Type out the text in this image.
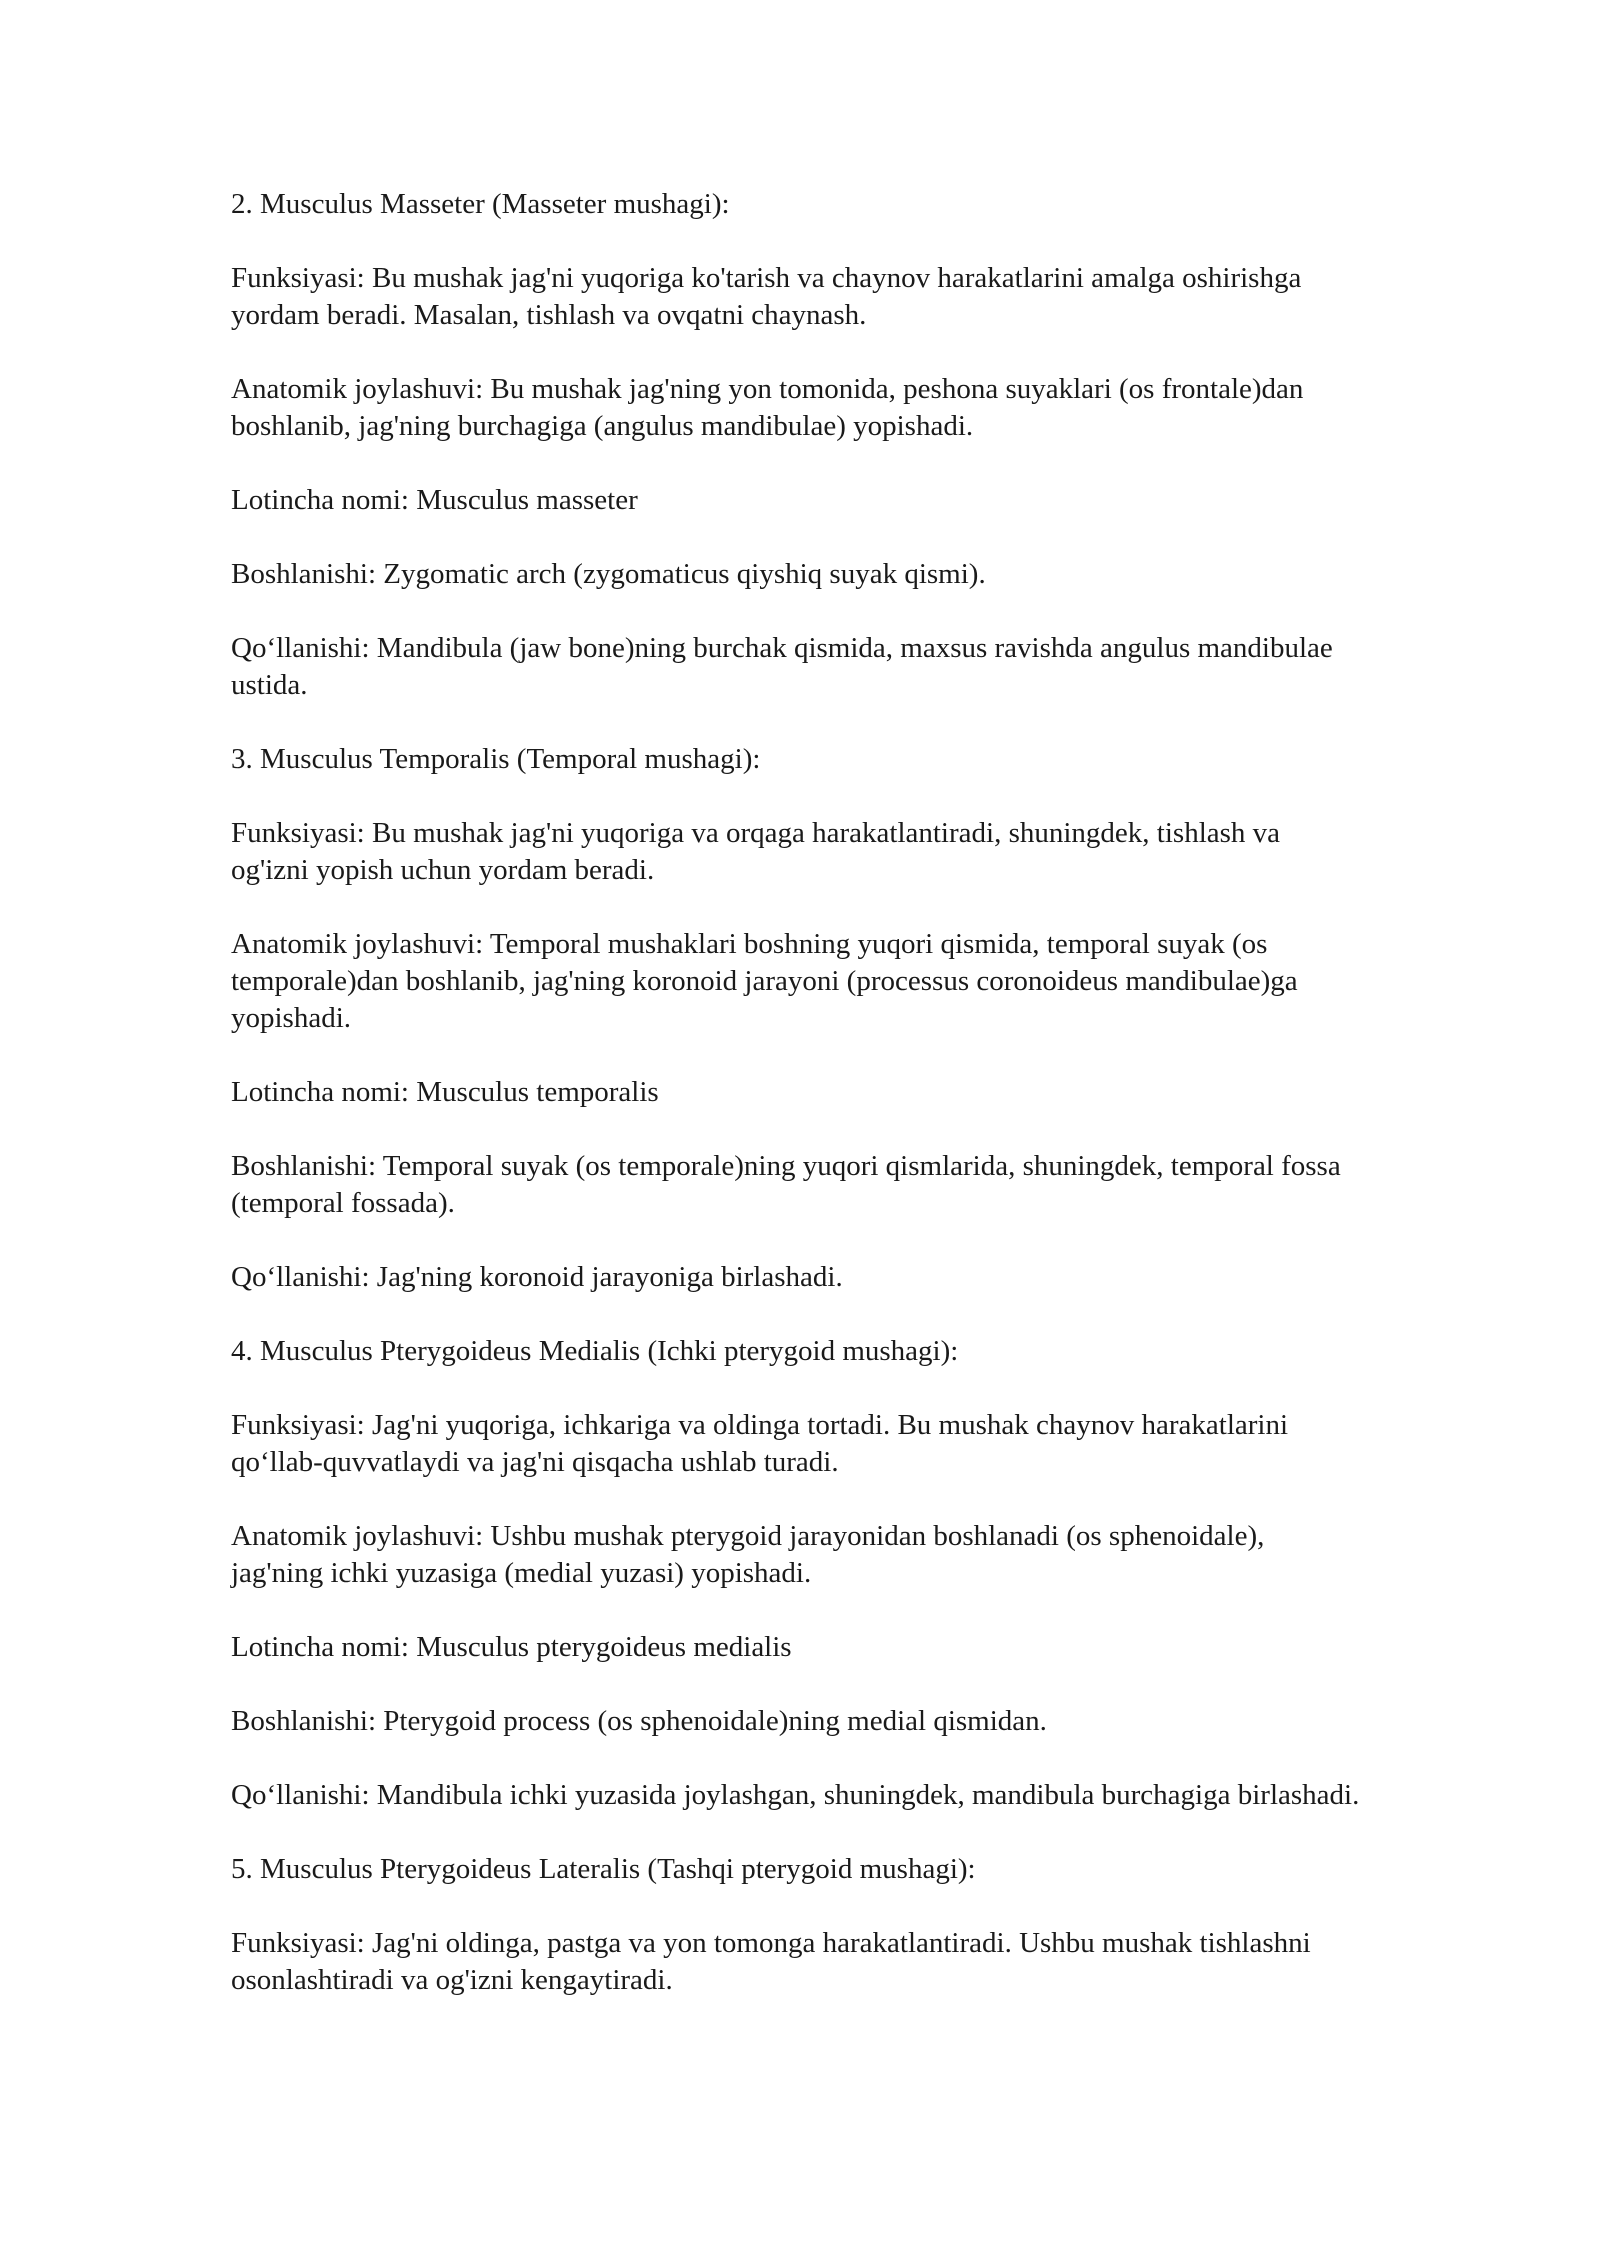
2. Musculus Masseter (Masseter mushagi):

Funksiyasi: Bu mushak jag'ni yuqoriga ko'tarish va chaynov harakatlarini amalga oshirishga
yordam beradi. Masalan, tishlash va ovqatni chaynash.

Anatomik joylashuvi: Bu mushak jag'ning yon tomonida, peshona suyaklari (os frontale)dan
boshlanib, jag'ning burchagiga (angulus mandibulae) yopishadi.

Lotincha nomi: Musculus masseter

Boshlanishi: Zygomatic arch (zygomaticus qiyshiq suyak qismi).

Qo‘llanishi: Mandibula (jaw bone)ning burchak qismida, maxsus ravishda angulus mandibulae
ustida.

3. Musculus Temporalis (Temporal mushagi):

Funksiyasi: Bu mushak jag'ni yuqoriga va orqaga harakatlantiradi, shuningdek, tishlash va
og'izni yopish uchun yordam beradi.

Anatomik joylashuvi: Temporal mushaklari boshning yuqori qismida, temporal suyak (os
temporale)dan boshlanib, jag'ning koronoid jarayoni (processus coronoideus mandibulae)ga
yopishadi.

Lotincha nomi: Musculus temporalis

Boshlanishi: Temporal suyak (os temporale)ning yuqori qismlarida, shuningdek, temporal fossa
(temporal fossada).

Qo‘llanishi: Jag'ning koronoid jarayoniga birlashadi.

4. Musculus Pterygoideus Medialis (Ichki pterygoid mushagi):

Funksiyasi: Jag'ni yuqoriga, ichkariga va oldinga tortadi. Bu mushak chaynov harakatlarini
qo‘llab-quvvatlaydi va jag'ni qisqacha ushlab turadi.

Anatomik joylashuvi: Ushbu mushak pterygoid jarayonidan boshlanadi (os sphenoidale),
jag'ning ichki yuzasiga (medial yuzasi) yopishadi.

Lotincha nomi: Musculus pterygoideus medialis

Boshlanishi: Pterygoid process (os sphenoidale)ning medial qismidan.

Qo‘llanishi: Mandibula ichki yuzasida joylashgan, shuningdek, mandibula burchagiga birlashadi.

5. Musculus Pterygoideus Lateralis (Tashqi pterygoid mushagi):

Funksiyasi: Jag'ni oldinga, pastga va yon tomonga harakatlantiradi. Ushbu mushak tishlashni
osonlashtiradi va og'izni kengaytiradi.
